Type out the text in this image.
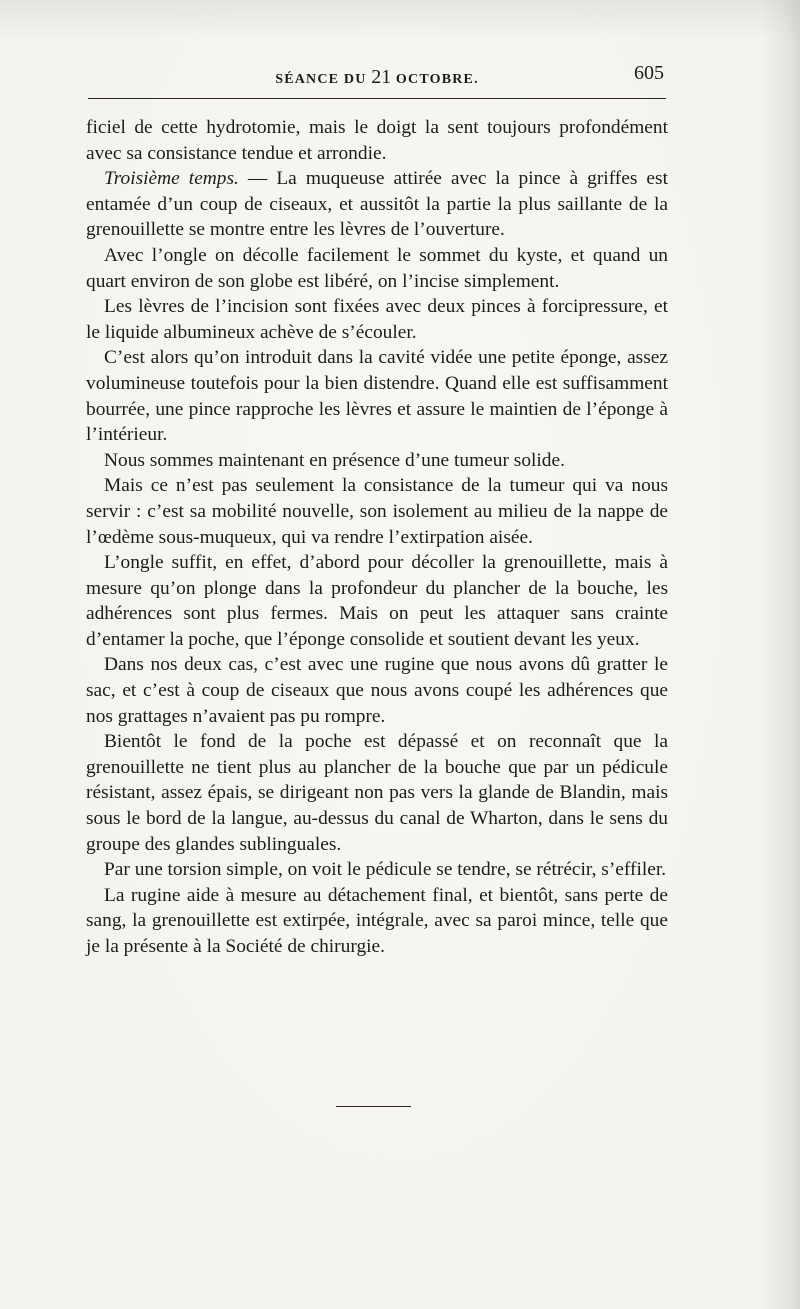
SÉANCE DU 21 OCTOBRE.	605

ficiel de cette hydrotomie, mais le doigt la sent toujours profondément avec sa consistance tendue et arrondie.

Troisième temps. — La muqueuse attirée avec la pince à griffes est entamée d’un coup de ciseaux, et aussitôt la partie la plus saillante de la grenouillette se montre entre les lèvres de l’ouverture.

Avec l’ongle on décolle facilement le sommet du kyste, et quand un quart environ de son globe est libéré, on l’incise simplement.

Les lèvres de l’incision sont fixées avec deux pinces à forcipressure, et le liquide albumineux achève de s’écouler.

C’est alors qu’on introduit dans la cavité vidée une petite éponge, assez volumineuse toutefois pour la bien distendre. Quand elle est suffisamment bourrée, une pince rapproche les lèvres et assure le maintien de l’éponge à l’intérieur.

Nous sommes maintenant en présence d’une tumeur solide.

Mais ce n’est pas seulement la consistance de la tumeur qui va nous servir : c’est sa mobilité nouvelle, son isolement au milieu de la nappe de l’œdème sous-muqueux, qui va rendre l’extirpation aisée.

L’ongle suffit, en effet, d’abord pour décoller la grenouillette, mais à mesure qu’on plonge dans la profondeur du plancher de la bouche, les adhérences sont plus fermes. Mais on peut les attaquer sans crainte d’entamer la poche, que l’éponge consolide et soutient devant les yeux.

Dans nos deux cas, c’est avec une rugine que nous avons dû gratter le sac, et c’est à coup de ciseaux que nous avons coupé les adhérences que nos grattages n’avaient pas pu rompre.

Bientôt le fond de la poche est dépassé et on reconnaît que la grenouillette ne tient plus au plancher de la bouche que par un pédicule résistant, assez épais, se dirigeant non pas vers la glande de Blandin, mais sous le bord de la langue, au-dessus du canal de Wharton, dans le sens du groupe des glandes sublinguales.

Par une torsion simple, on voit le pédicule se tendre, se rétrécir, s’effiler.

La rugine aide à mesure au détachement final, et bientôt, sans perte de sang, la grenouillette est extirpée, intégrale, avec sa paroi mince, telle que je la présente à la Société de chirurgie.
